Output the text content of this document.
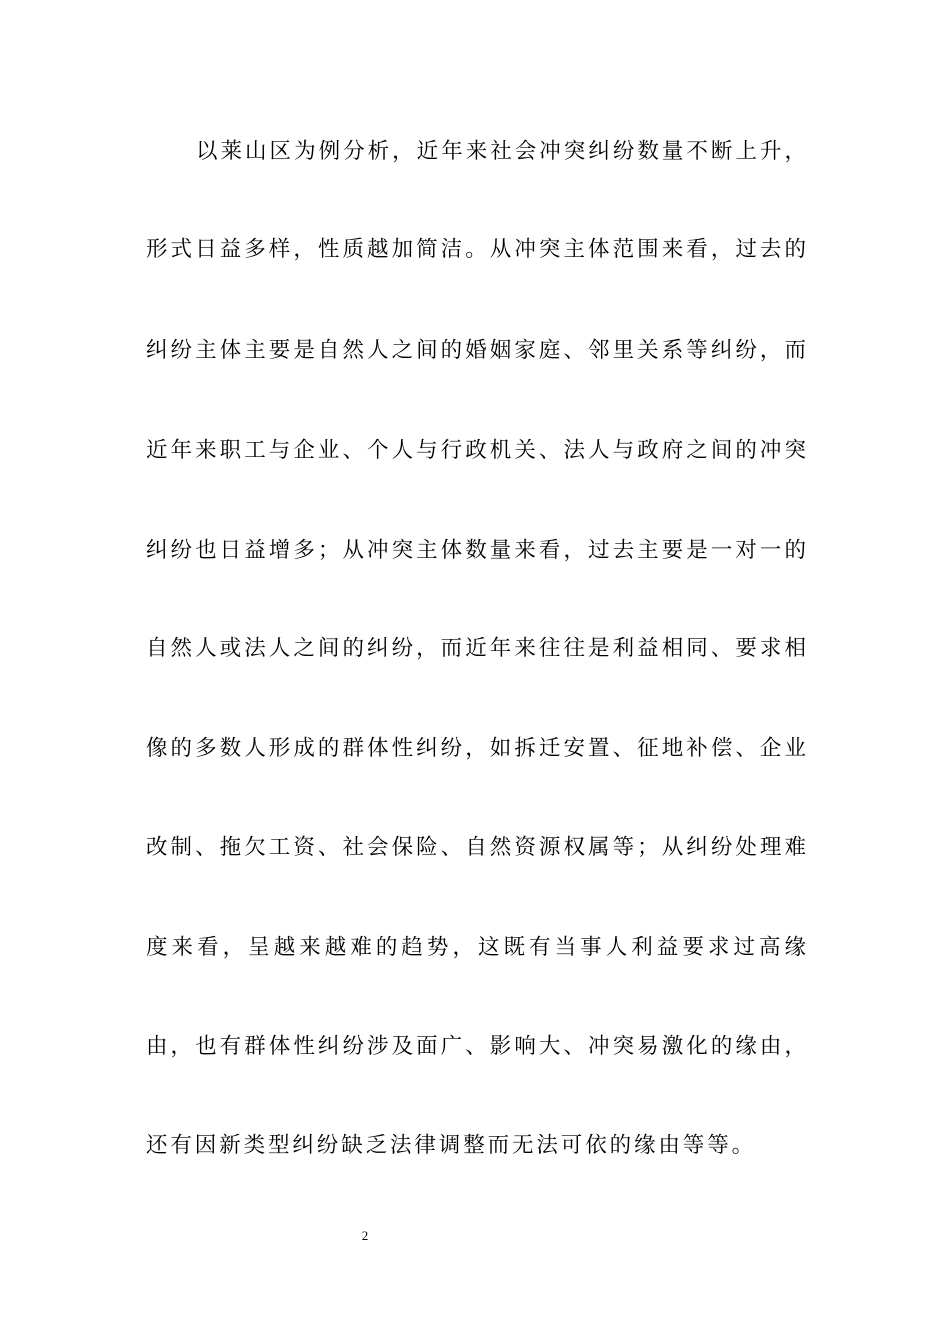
以莱山区为例分析，近年来社会冲突纠纷数量不断上升，
形式日益多样，性质越加简洁。从冲突主体范围来看，过去的
纠纷主体主要是自然人之间的婚姻家庭、邻里关系等纠纷，而
近年来职工与企业、个人与行政机关、法人与政府之间的冲突
纠纷也日益增多；从冲突主体数量来看，过去主要是一对一的
自然人或法人之间的纠纷，而近年来往往是利益相同、要求相
像的多数人形成的群体性纠纷，如拆迁安置、征地补偿、企业
改制、拖欠工资、社会保险、自然资源权属等；从纠纷处理难
度来看，呈越来越难的趋势，这既有当事人利益要求过高缘
由，也有群体性纠纷涉及面广、影响大、冲突易激化的缘由，
还有因新类型纠纷缺乏法律调整而无法可依的缘由等等。
2
